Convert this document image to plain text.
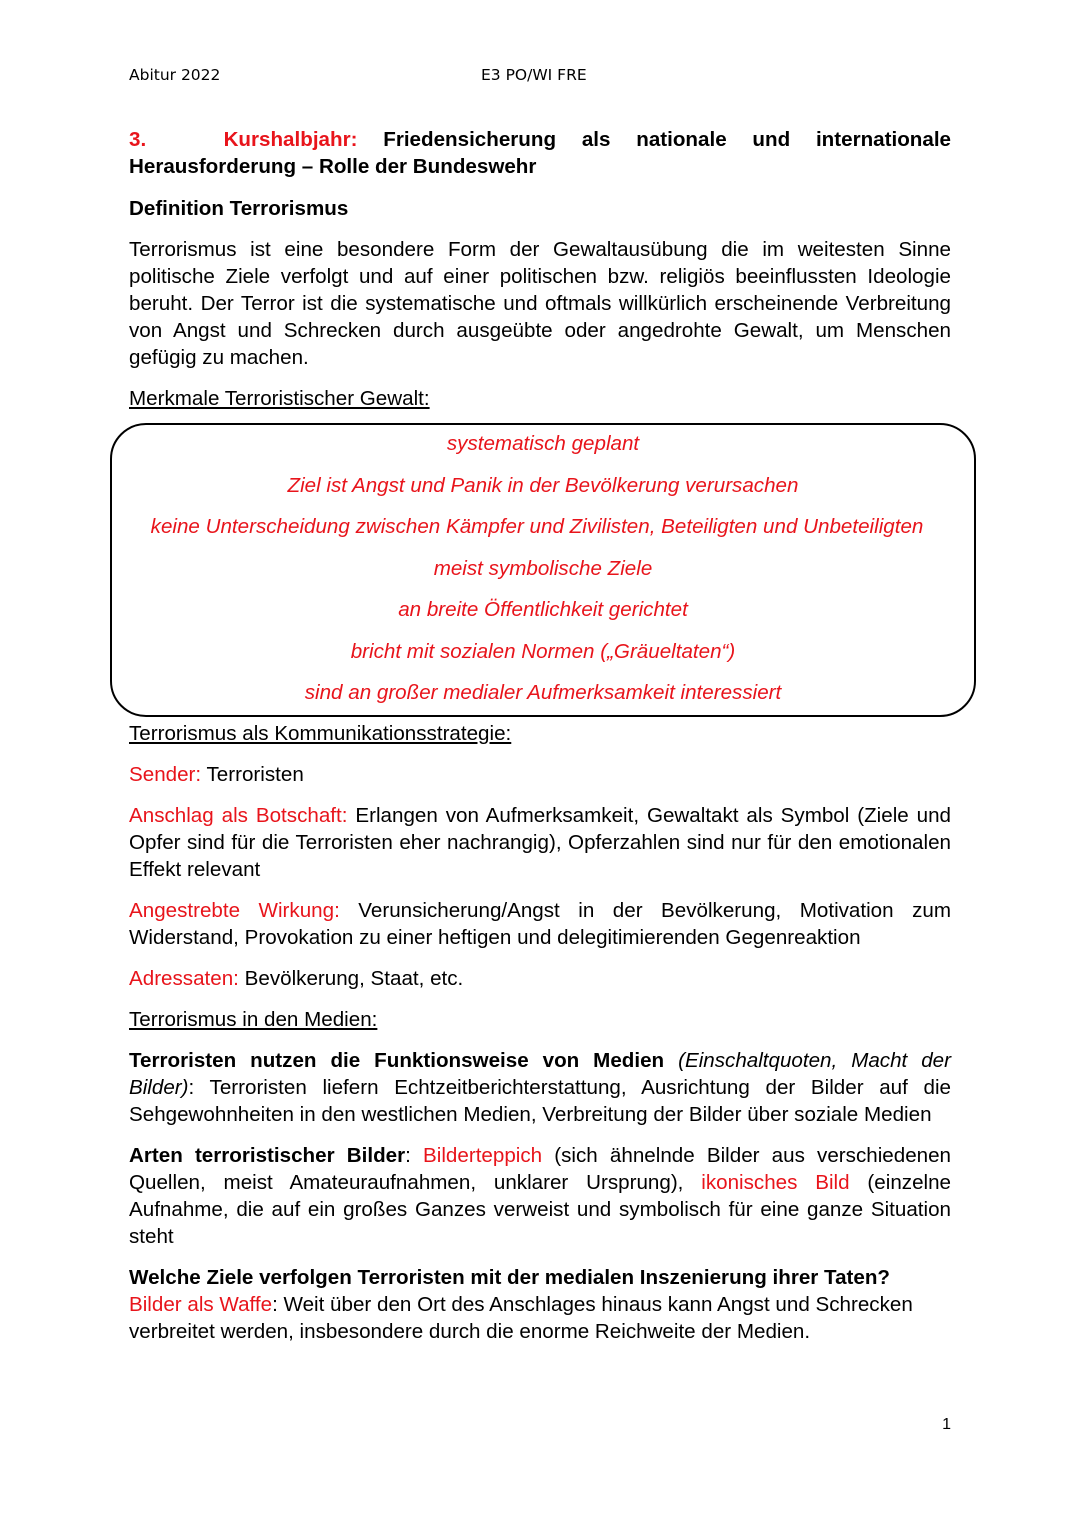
Abitur 2022	E3 PO/WI FRE

3.	Kurshalbjahr: Friedensicherung als nationale und internationale Herausforderung – Rolle der Bundeswehr

Definition Terrorismus

Terrorismus ist eine besondere Form der Gewaltausübung die im weitesten Sinne politische Ziele verfolgt und auf einer politischen bzw. religiös beeinflussten Ideologie beruht. Der Terror ist die systematische und oftmals willkürlich erscheinende Verbreitung von Angst und Schrecken durch ausgeübte oder angedrohte Gewalt, um Menschen gefügig zu machen.

Merkmale Terroristischer Gewalt:

systematisch geplant
Ziel ist Angst und Panik in der Bevölkerung verursachen
keine Unterscheidung zwischen Kämpfer und Zivilisten, Beteiligten und Unbeteiligten
meist symbolische Ziele
an breite Öffentlichkeit gerichtet
bricht mit sozialen Normen („Gräueltaten“)
sind an großer medialer Aufmerksamkeit interessiert

Terrorismus als Kommunikationsstrategie:

Sender: Terroristen

Anschlag als Botschaft: Erlangen von Aufmerksamkeit, Gewaltakt als Symbol (Ziele und Opfer sind für die Terroristen eher nachrangig), Opferzahlen sind nur für den emotionalen Effekt relevant

Angestrebte Wirkung: Verunsicherung/Angst in der Bevölkerung, Motivation zum Widerstand, Provokation zu einer heftigen und delegitimierenden Gegenreaktion

Adressaten: Bevölkerung, Staat, etc.

Terrorismus in den Medien:

Terroristen nutzen die Funktionsweise von Medien (Einschaltquoten, Macht der Bilder): Terroristen liefern Echtzeitberichterstattung, Ausrichtung der Bilder auf die Sehgewohnheiten in den westlichen Medien, Verbreitung der Bilder über soziale Medien

Arten terroristischer Bilder: Bilderteppich (sich ähnelnde Bilder aus verschiedenen Quellen, meist Amateuraufnahmen, unklarer Ursprung), ikonisches Bild (einzelne Aufnahme, die auf ein großes Ganzes verweist und symbolisch für eine ganze Situation steht

Welche Ziele verfolgen Terroristen mit der medialen Inszenierung ihrer Taten?
Bilder als Waffe: Weit über den Ort des Anschlages hinaus kann Angst und Schrecken verbreitet werden, insbesondere durch die enorme Reichweite der Medien.

1
